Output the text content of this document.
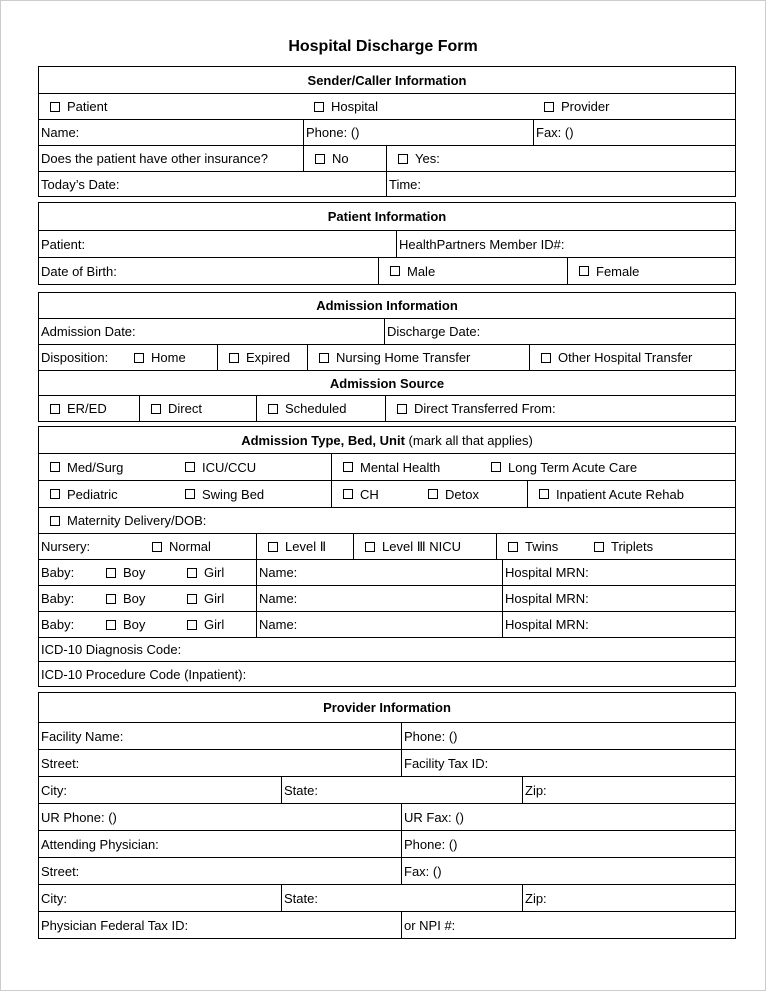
Hospital Discharge Form
Sender/Caller Information
Patient	Hospital	Provider
Name:	Phone: ()	Fax: ()
Does the patient have other insurance?	No	Yes:
Today’s Date:	Time:
Patient Information
Patient:	HealthPartners Member ID#:
Date of Birth:	Male	Female
Admission Information
Admission Date:	Discharge Date:
Disposition:	Home	Expired	Nursing Home Transfer	Other Hospital Transfer
Admission Source
ER/ED	Direct	Scheduled	Direct Transferred From:
Admission Type, Bed, Unit
(mark all that applies)
Med/Surg	ICU/CCU	Mental Health	Long Term Acute Care
Pediatric	Swing Bed	CH	Detox	Inpatient Acute Rehab
Maternity Delivery/DOB:
Nursery:	Normal	Level Ⅱ	Level Ⅲ NICU	Twins	Triplets
Baby:	Boy	Girl	Name:	Hospital MRN:
Baby:	Boy	Girl	Name:	Hospital MRN:
Baby:	Boy	Girl	Name:	Hospital MRN:
ICD-10 Diagnosis Code:
ICD-10 Procedure Code (Inpatient):
Provider Information
Facility Name:	Phone: ()
Street:	Facility Tax ID:
City:	State:	Zip:
UR Phone: ()	UR Fax: ()
Attending Physician:	Phone: ()
Street:	Fax: ()
City:	State:	Zip:
Physician Federal Tax ID:	or NPI #:
